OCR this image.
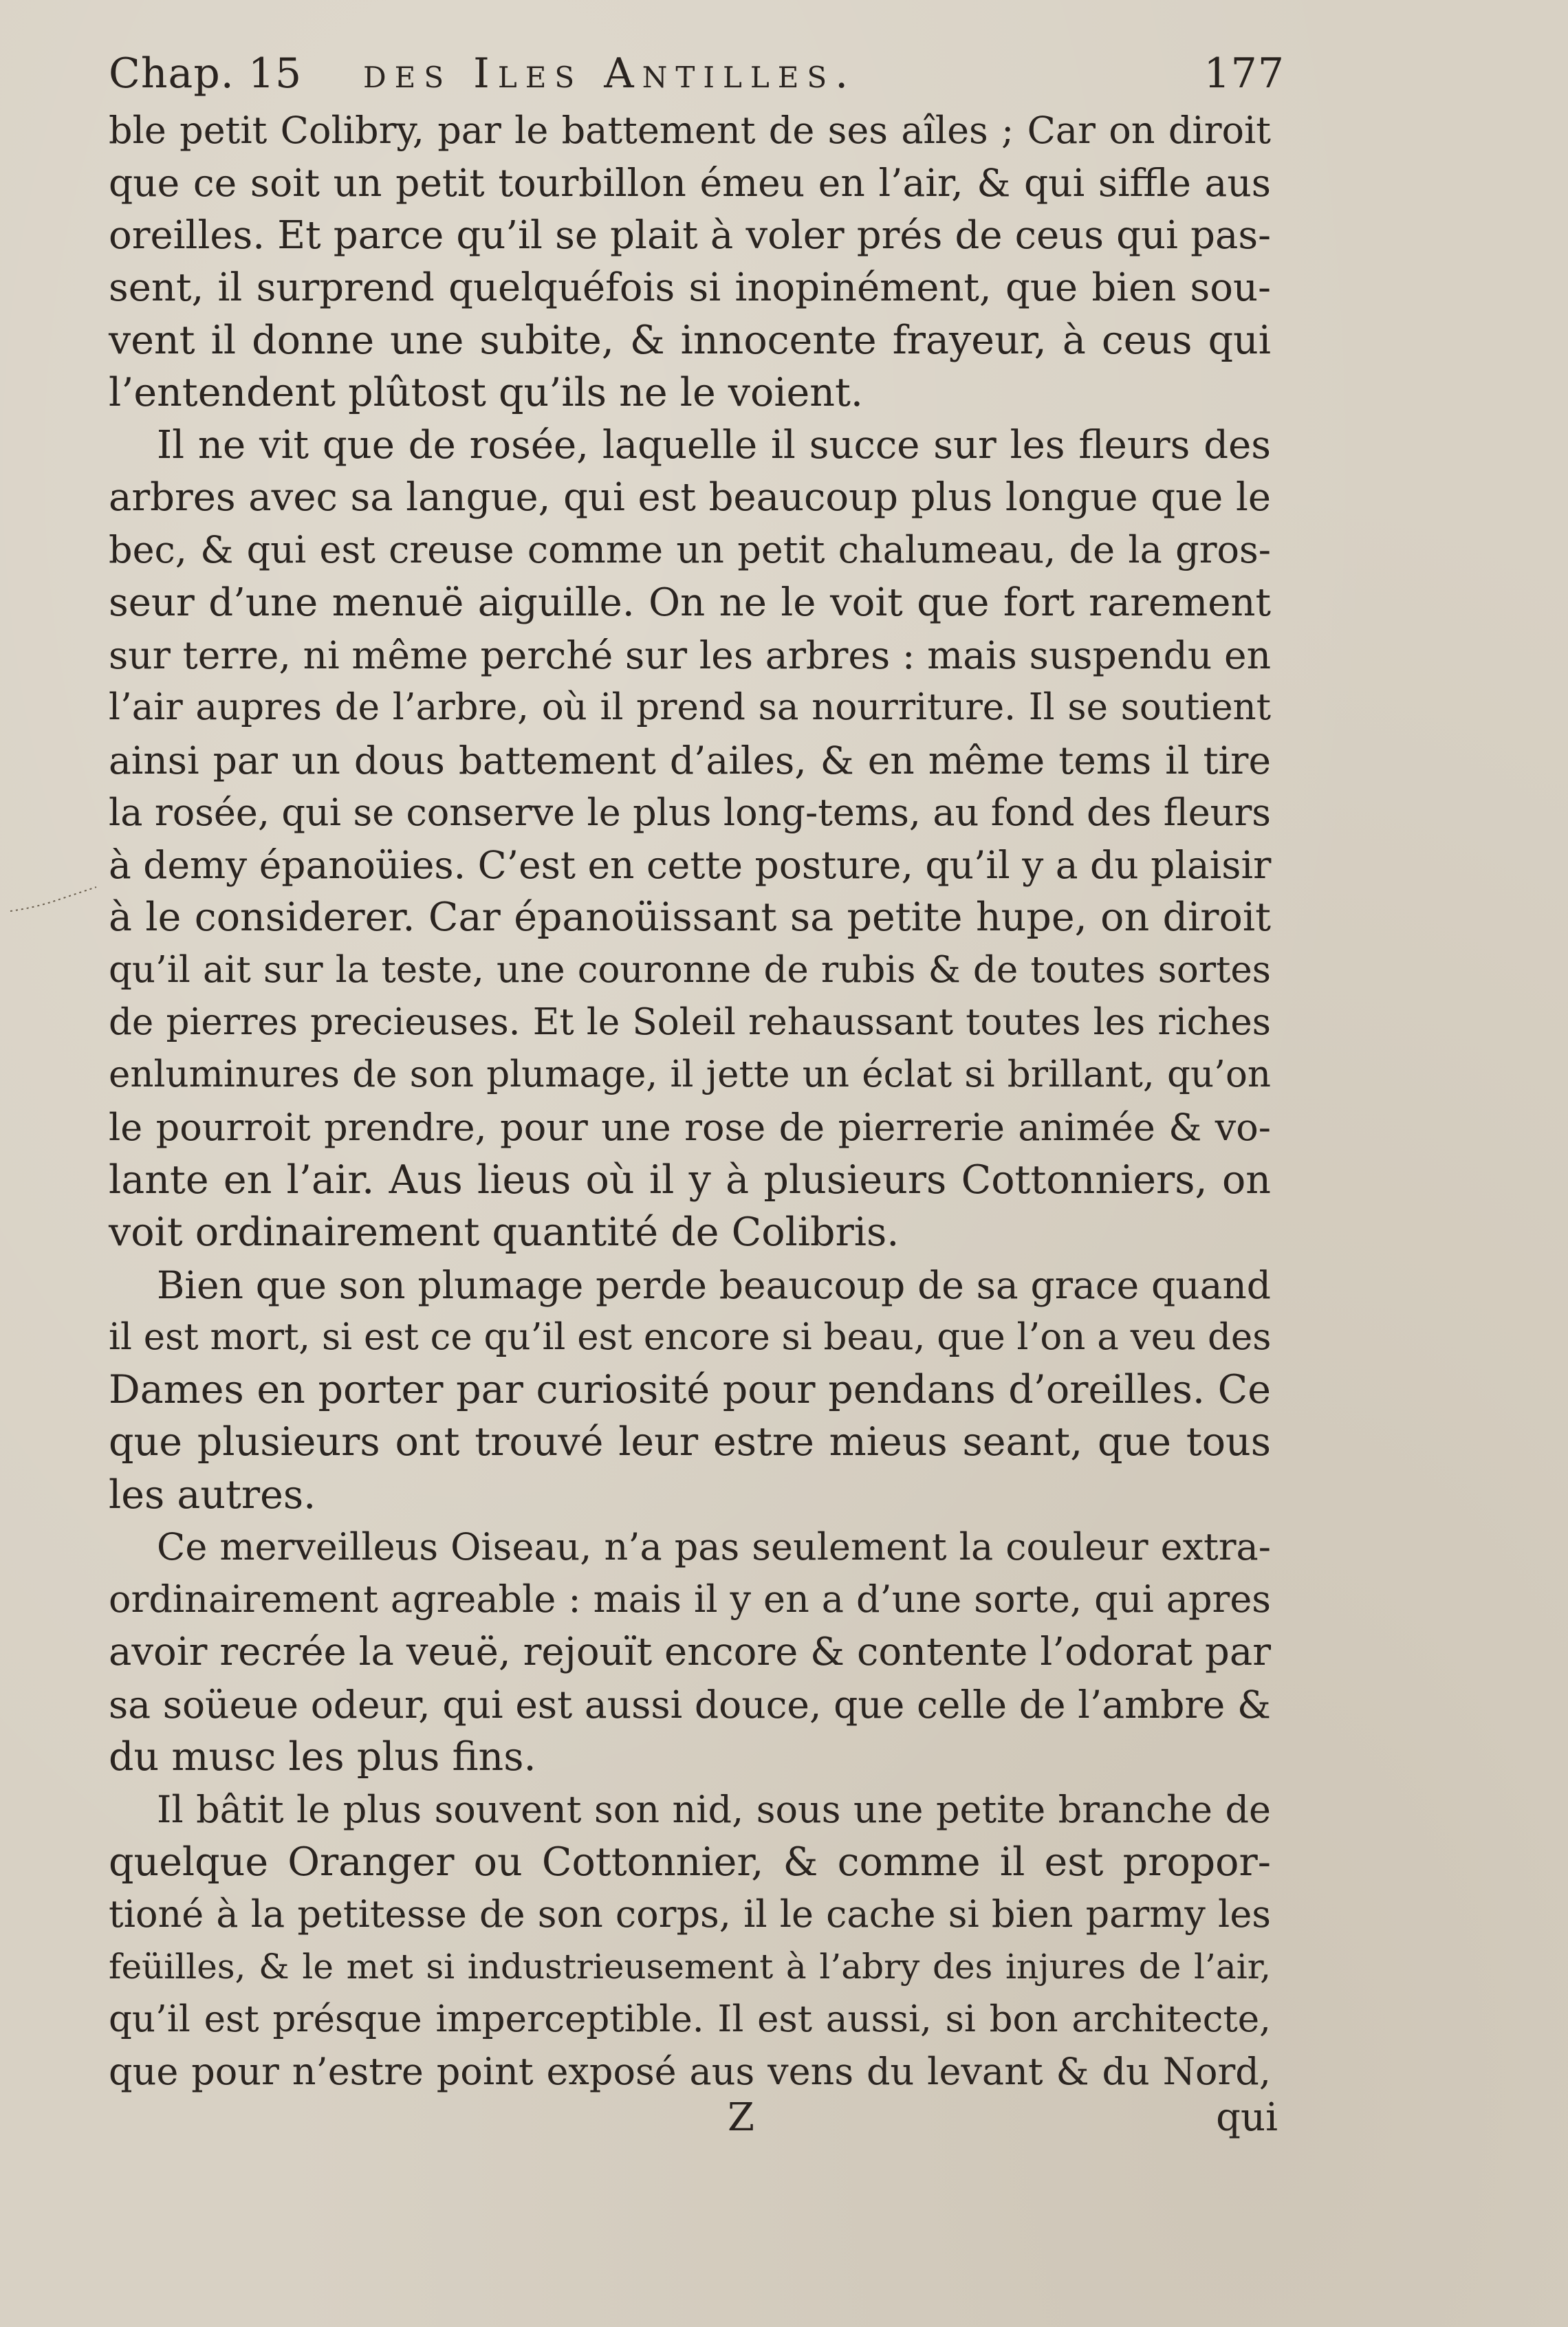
Chap. 15 des Iles Antilles.	177
ble petit Colibry, par le battement de ses aîles ; Car on diroit
que ce soit un petit tourbillon émeu en l’air, & qui siffle aus
oreilles. Et parce qu’il se plait à voler prés de ceus qui pas-
sent, il surprend quelquéfois si inopinément, que bien sou-
vent il donne une subite, & innocente frayeur, à ceus qui
l’entendent plûtost qu’ils ne le voient.
Il ne vit que de rosée, laquelle il succe sur les fleurs des
arbres avec sa langue, qui est beaucoup plus longue que le
bec, & qui est creuse comme un petit chalumeau, de la gros-
seur d’une menuë aiguille. On ne le voit que fort rarement
sur terre, ni même perché sur les arbres : mais suspendu en
l’air aupres de l’arbre, où il prend sa nourriture. Il se soutient
ainsi par un dous battement d’ailes, & en même tems il tire
la rosée, qui se conserve le plus long-tems, au fond des fleurs
à demy épanoüies. C’est en cette posture, qu’il y a du plaisir
à le considerer. Car épanoüissant sa petite hupe, on diroit
qu’il ait sur la teste, une couronne de rubis & de toutes sortes
de pierres precieuses. Et le Soleil rehaussant toutes les riches
enluminures de son plumage, il jette un éclat si brillant, qu’on
le pourroit prendre, pour une rose de pierrerie animée & vo-
lante en l’air. Aus lieus où il y à plusieurs Cottonniers, on
voit ordinairement quantité de Colibris.
Bien que son plumage perde beaucoup de sa grace quand
il est mort, si est ce qu’il est encore si beau, que l’on a veu des
Dames en porter par curiosité pour pendans d’oreilles. Ce
que plusieurs ont trouvé leur estre mieus seant, que tous
les autres.
Ce merveilleus Oiseau, n’a pas seulement la couleur extra-
ordinairement agreable : mais il y en a d’une sorte, qui apres
avoir recrée la veuë, rejouït encore & contente l’odorat par
sa soüeue odeur, qui est aussi douce, que celle de l’ambre &
du musc les plus fins.
Il bâtit le plus souvent son nid, sous une petite branche de
quelque Oranger ou Cottonnier, & comme il est propor-
tioné à la petitesse de son corps, il le cache si bien parmy les
feüilles, & le met si industrieusement à l’abry des injures de l’air,
qu’il est présque imperceptible. Il est aussi, si bon architecte,
que pour n’estre point exposé aus vens du levant & du Nord,
Z	qui
